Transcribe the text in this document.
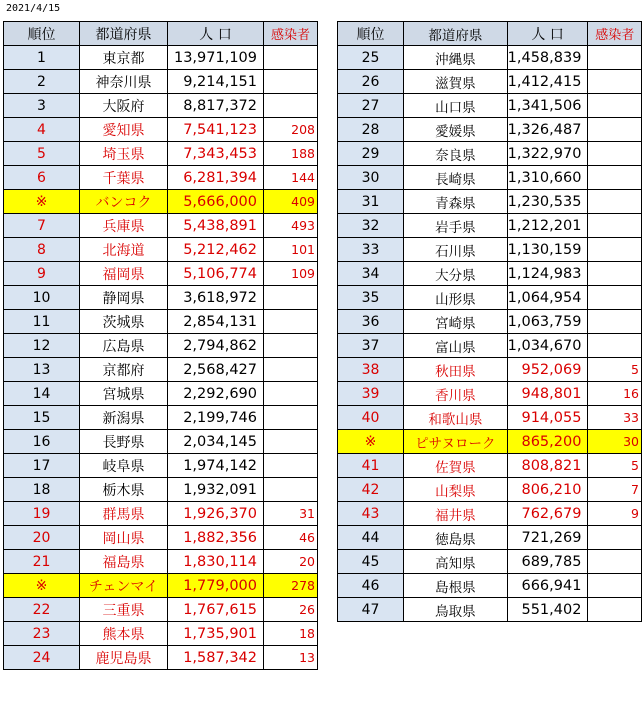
2021/4/15
順位	都道府県	人 口	感染者
1	東京都	13,971,109	
2	神奈川県	9,214,151	
3	大阪府	8,817,372	
4	愛知県	7,541,123	208
5	埼玉県	7,343,453	188
6	千葉県	6,281,394	144
※	バンコク	5,666,000	409
7	兵庫県	5,438,891	493
8	北海道	5,212,462	101
9	福岡県	5,106,774	109
10	静岡県	3,618,972	
11	茨城県	2,854,131	
12	広島県	2,794,862	
13	京都府	2,568,427	
14	宮城県	2,292,690	
15	新潟県	2,199,746	
16	長野県	2,034,145	
17	岐阜県	1,974,142	
18	栃木県	1,932,091	
19	群馬県	1,926,370	31
20	岡山県	1,882,356	46
21	福島県	1,830,114	20
※	チェンマイ	1,779,000	278
22	三重県	1,767,615	26
23	熊本県	1,735,901	18
24	鹿児島県	1,587,342	13
順位	都道府県	人 口	感染者
25	沖縄県	1,458,839	
26	滋賀県	1,412,415	
27	山口県	1,341,506	
28	愛媛県	1,326,487	
29	奈良県	1,322,970	
30	長崎県	1,310,660	
31	青森県	1,230,535	
32	岩手県	1,212,201	
33	石川県	1,130,159	
34	大分県	1,124,983	
35	山形県	1,064,954	
36	宮崎県	1,063,759	
37	富山県	1,034,670	
38	秋田県	952,069	5
39	香川県	948,801	16
40	和歌山県	914,055	33
※	ピサヌローク	865,200	30
41	佐賀県	808,821	5
42	山梨県	806,210	7
43	福井県	762,679	9
44	徳島県	721,269	
45	高知県	689,785	
46	島根県	666,941	
47	鳥取県	551,402	
